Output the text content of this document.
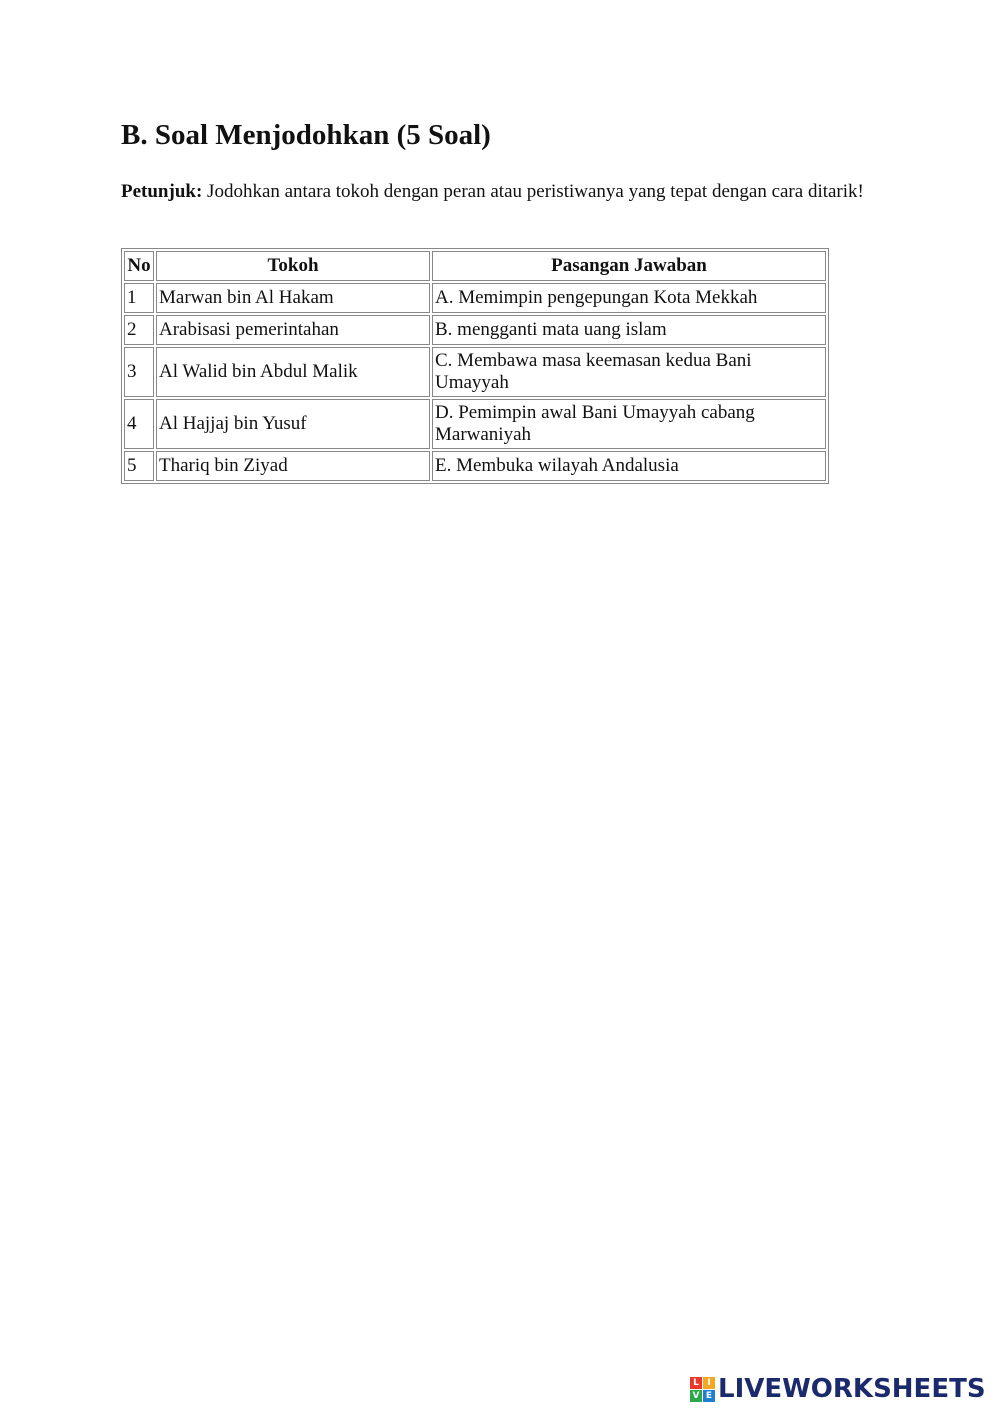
B. Soal Menjodohkan (5 Soal)

Petunjuk: Jodohkan antara tokoh dengan peran atau peristiwanya yang tepat dengan cara ditarik!

No	Tokoh	Pasangan Jawaban
1	Marwan bin Al Hakam	A. Memimpin pengepungan Kota Mekkah
2	Arabisasi pemerintahan	B. mengganti mata uang islam
3	Al Walid bin Abdul Malik	C. Membawa masa keemasan kedua Bani Umayyah
4	Al Hajjaj bin Yusuf	D. Pemimpin awal Bani Umayyah cabang Marwaniyah
5	Thariq bin Ziyad	E. Membuka wilayah Andalusia
L I
V E LIVEWORKSHEETS
